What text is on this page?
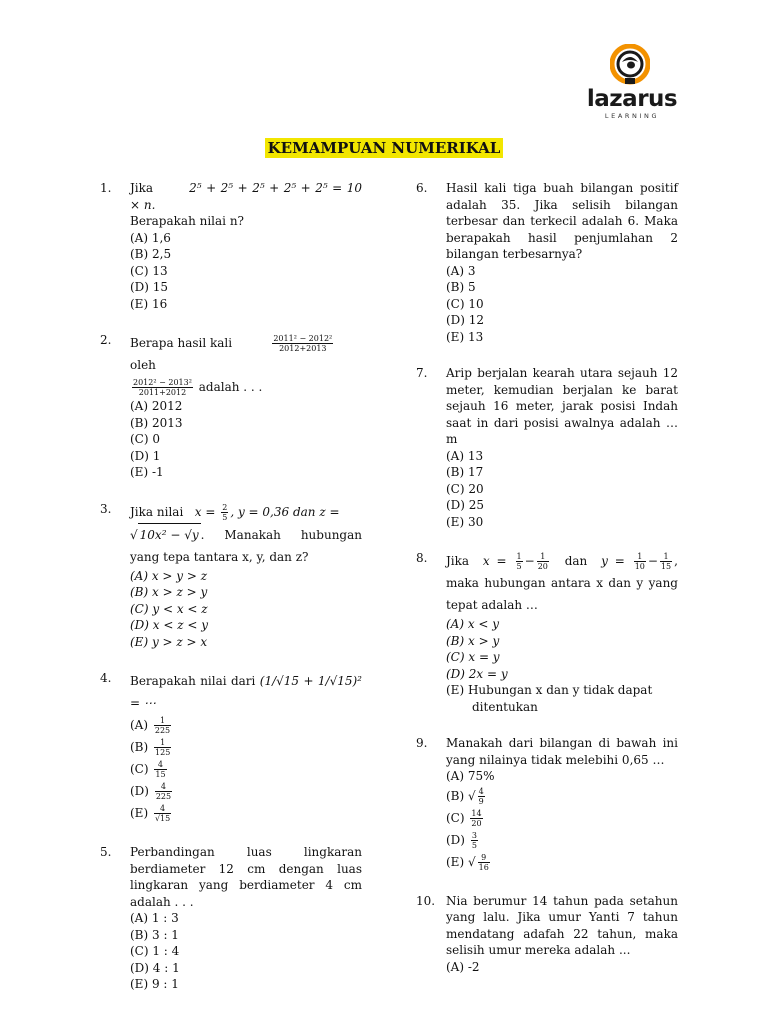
lazarus
LEARNING
KEMAMPUAN NUMERIKAL
1. Jika	2⁵ + 2⁵ + 2⁵ + 2⁵ + 2⁵ = 10 × n.
Berapakah nilai n?
(A) 1,6
(B) 2,5
(C) 13
(D) 15
(E) 16
2. Berapa hasil kali	$\frac{\text{2011² − 2012²}}{2012+2013}$
oleh

$\frac{\text{2012² − 2013²}}{2011+2012}$ adalah . . .
(A) 2012
(B) 2013
(C) 0
(D) 1
(E) -1
3. Jika nilai $x = \frac{2}{5}$ , y = 0,36 dan z =
√ 10x² − √y . Manakah hubungan yang tepa tantara x, y, dan z?
(A) x > y > z
(B) x > z > y
(C) y < x < z
(D) x < z < y
(E) y > z > x
4. Berapakah nilai dari (1/√15 + 1/√15)² = ⋯
$(A) \frac{1}{225}$
$(B) \frac{1}{125}$
$(C) \frac{4}{15}$
$(D) \frac{4}{225}$
$(E) \frac{4}{√15}$
5. Perbandingan luas lingkaran berdiameter 12 cm dengan luas lingkaran yang berdiameter 4 cm adalah . . .
(A) 1 : 3
(B) 3 : 1
(C) 1 : 4
(D) 4 : 1
(E) 9 : 1
6. Hasil kali tiga buah bilangan positif adalah 35. Jika selisih bilangan terbesar dan terkecil adalah 6. Maka berapakah hasil penjumlahan 2 bilangan terbesarnya?
(A) 3
(B) 5
(C) 10
(D) 12
(E) 13
7. Arip berjalan kearah utara sejauh 12 meter, kemudian berjalan ke barat sejauh 16 meter, jarak posisi Indah saat in dari posisi awalnya adalah … m
(A) 13
(B) 17
(C) 20
(D) 25
(E) 30
8. Jika $x = \frac{1}{5} - \frac{1}{20}$ dan $y = \frac{1}{10} - \frac{1}{15}$ , maka hubungan antara x dan y yang tepat adalah …
(A) x < y
(B) x > y
(C) x = y
(D) 2x = y
(E) Hubungan x dan y tidak dapat ditentukan
9. Manakah dari bilangan di bawah ini yang nilainya tidak melebihi 0,65 …
(A) 75%
(B) √ $\frac{4}{9}$
$(C) \frac{14}{20}$
$(D) \frac{3}{5}$
(E) √ $\frac{9}{16}$
10. Nia berumur 14 tahun pada setahun yang lalu. Jika umur Yanti 7 tahun mendatang adafah 22 tahun, maka selisih umur mereka adalah ...
(A) -2
